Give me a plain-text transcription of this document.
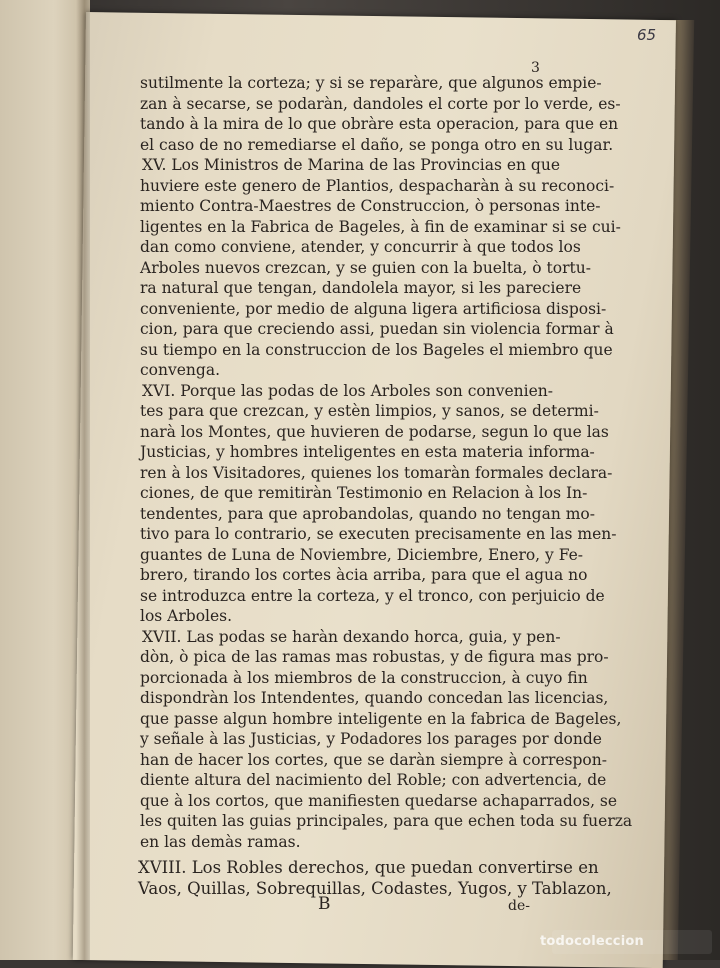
65
3
sutilmente la corteza; y si se reparàre, que algunos empie-
zan à secarse, se podaràn, dandoles el corte por lo verde, es-
tando à la mira de lo que obràre esta operacion, para que en
el caso de no remediarse el daño, se ponga otro en su lugar.
XV. Los Ministros de Marina de las Provincias en que
huviere este genero de Plantios, despacharàn à su reconoci-
miento Contra-Maestres de Construccion, ò personas inte-
ligentes en la Fabrica de Bageles, à fin de examinar si se cui-
dan como conviene, atender, y concurrir à que todos los
Arboles nuevos crezcan, y se guien con la buelta, ò tortu-
ra natural que tengan, dandolela mayor, si les pareciere
conveniente, por medio de alguna ligera artificiosa disposi-
cion, para que creciendo assi, puedan sin violencia formar à
su tiempo en la construccion de los Bageles el miembro que
convenga.
XVI. Porque las podas de los Arboles son convenien-
tes para que crezcan, y estèn limpios, y sanos, se determi-
narà los Montes, que huvieren de podarse, segun lo que las
Justicias, y hombres inteligentes en esta materia informa-
ren à los Visitadores, quienes los tomaràn formales declara-
ciones, de que remitiràn Testimonio en Relacion à los In-
tendentes, para que aprobandolas, quando no tengan mo-
tivo para lo contrario, se executen precisamente en las men-
guantes de Luna de Noviembre, Diciembre, Enero, y Fe-
brero, tirando los cortes àcia arriba, para que el agua no
se introduzca entre la corteza, y el tronco, con perjuicio de
los Arboles.
XVII. Las podas se haràn dexando horca, guia, y pen-
dòn, ò pica de las ramas mas robustas, y de figura mas pro-
porcionada à los miembros de la construccion, à cuyo fin
dispondràn los Intendentes, quando concedan las licencias,
que passe algun hombre inteligente en la fabrica de Bageles,
y señale à las Justicias, y Podadores los parages por donde
han de hacer los cortes, que se daràn siempre à correspon-
diente altura del nacimiento del Roble; con advertencia, de
que à los cortos, que manifiesten quedarse achaparrados, se
les quiten las guias principales, para que echen toda su fuerza
en las demàs ramas.
XVIII. Los Robles derechos, que puedan convertirse en
Vaos, Quillas, Sobrequillas, Codastes, Yugos, y Tablazon,
B	de-
todocoleccion
